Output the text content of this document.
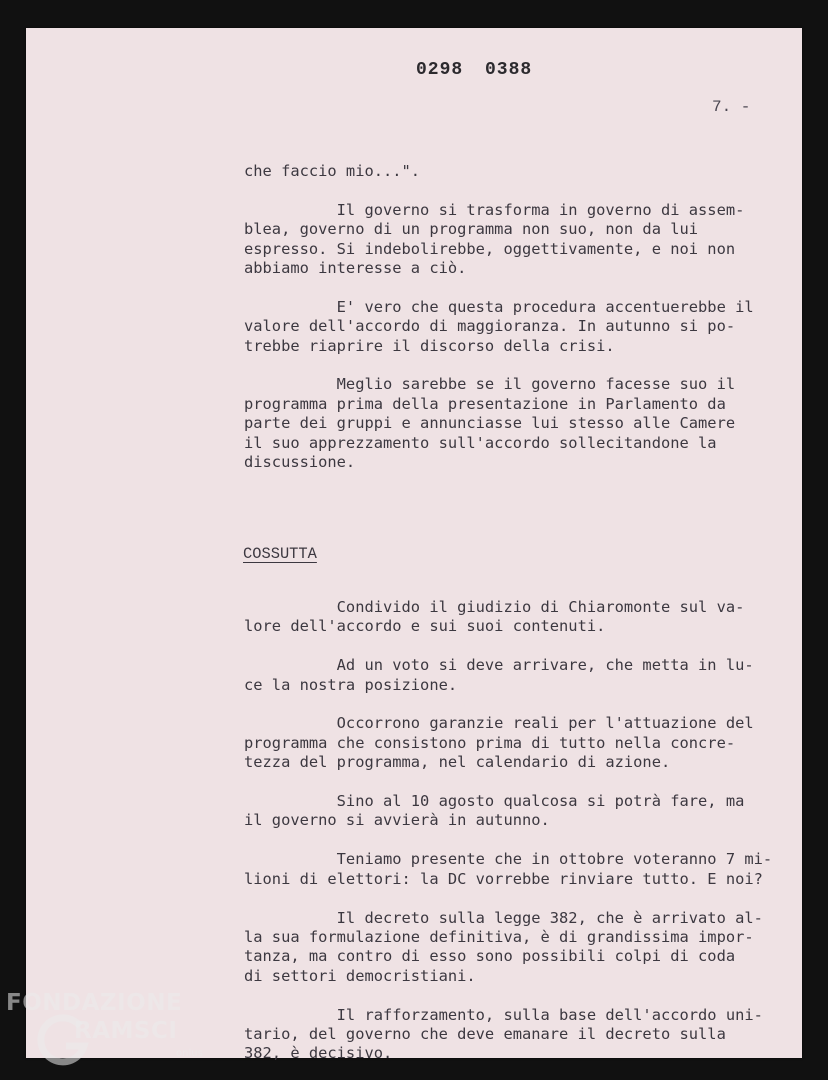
0298 0388
7. -
che faccio mio...".

Il governo si trasforma in governo di assem-
blea, governo di un programma non suo, non da lui
espresso. Si indebolirebbe, oggettivamente, e noi non
abbiamo interesse a ciò.

E' vero che questa procedura accentuerebbe il
valore dell'accordo di maggioranza. In autunno si po-
trebbe riaprire il discorso della crisi.

Meglio sarebbe se il governo facesse suo il
programma prima della presentazione in Parlamento da
parte dei gruppi e annunciasse lui stesso alle Camere
il suo apprezzamento sull'accordo sollecitandone la
discussione.
COSSUTTA
Condivido il giudizio di Chiaromonte sul va-
lore dell'accordo e sui suoi contenuti.

Ad un voto si deve arrivare, che metta in lu-
ce la nostra posizione.

Occorrono garanzie reali per l'attuazione del
programma che consistono prima di tutto nella concre-
tezza del programma, nel calendario di azione.

Sino al 10 agosto qualcosa si potrà fare, ma
il governo si avvierà in autunno.

Teniamo presente che in ottobre voteranno 7 mi-
lioni di elettori: la DC vorrebbe rinviare tutto. E noi?

Il decreto sulla legge 382, che è arrivato al-
la sua formulazione definitiva, è di grandissima impor-
tanza, ma contro di esso sono possibili colpi di coda
di settori democristiani.

Il rafforzamento, sulla base dell'accordo uni-
tario, del governo che deve emanare il decreto sulla
382, è decisivo.
FONDAZIONE
RAMSCI
onlus
